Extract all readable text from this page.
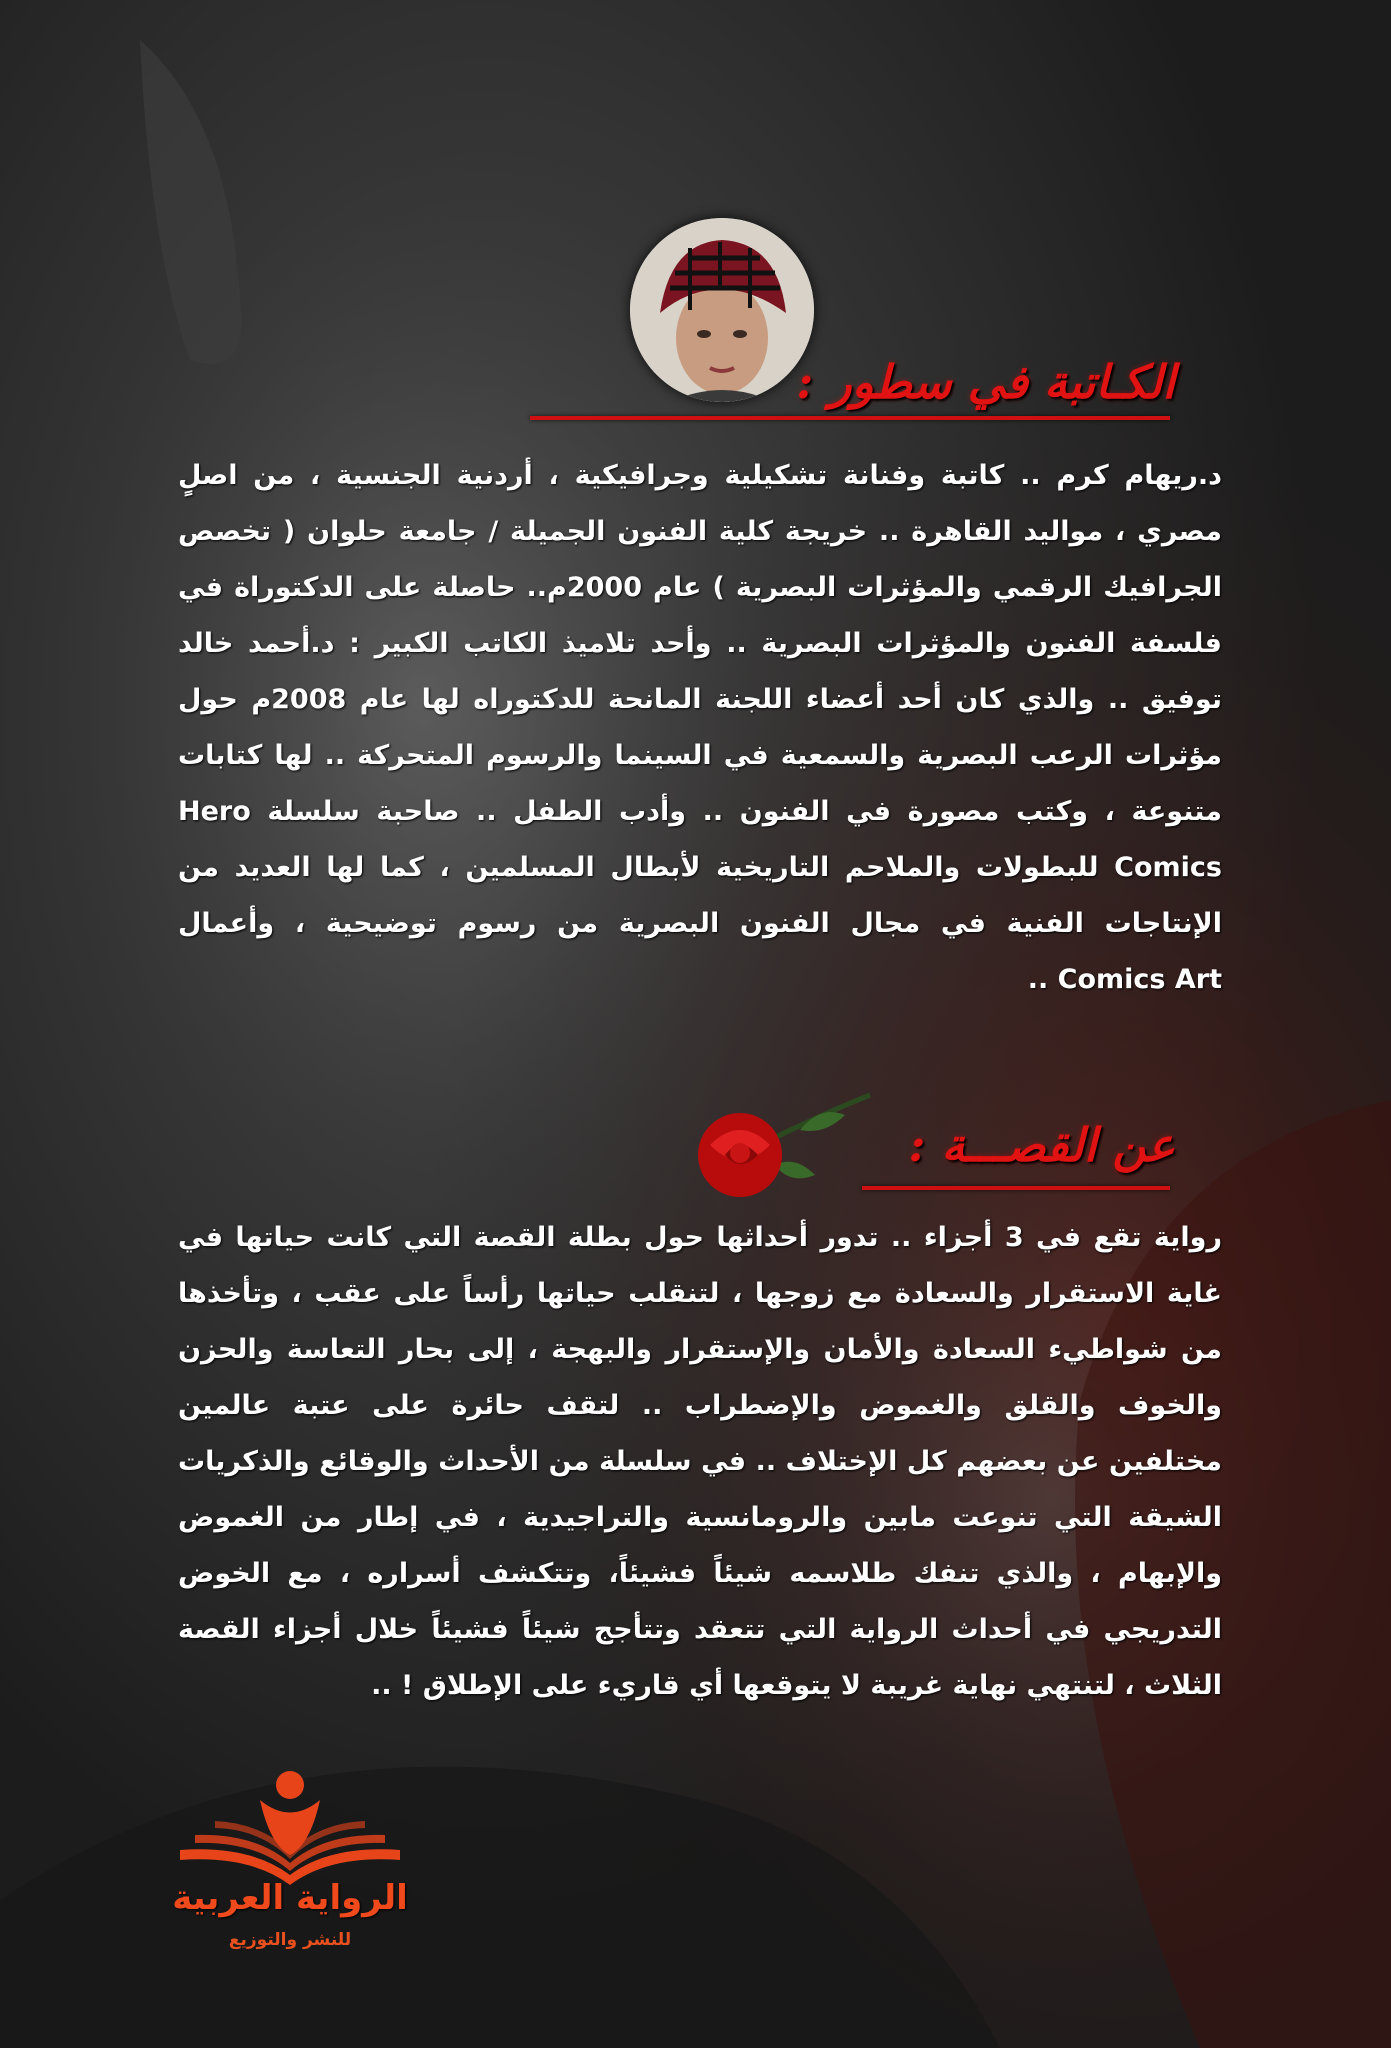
الكـاتبة في سطور :
د.ريهام كرم .. كاتبة وفنانة تشكيلية وجرافيكية ، أردنية الجنسية ، من اصلٍ مصري ، مواليد القاهرة .. خريجة كلية الفنون الجميلة / جامعة حلوان ( تخصص الجرافيك الرقمي والمؤثرات البصرية ) عام 2000م.. حاصلة على الدكتوراة في فلسفة الفنون والمؤثرات البصرية .. وأحد تلاميذ الكاتب الكبير : د.أحمد خالد توفيق .. والذي كان أحد أعضاء اللجنة المانحة للدكتوراه لها عام 2008م حول مؤثرات الرعب البصرية والسمعية في السينما والرسوم المتحركة .. لها كتابات متنوعة ، وكتب مصورة في الفنون .. وأدب الطفل .. صاحبة سلسلة Hero Comics للبطولات والملاحم التاريخية لأبطال المسلمين ، كما لها العديد من الإنتاجات الفنية في مجال الفنون البصرية من رسوم توضيحية ، وأعمال Comics Art ..
عن القصـــة :
رواية تقع في 3 أجزاء .. تدور أحداثها حول بطلة القصة التي كانت حياتها في غاية الاستقرار والسعادة مع زوجها ، لتنقلب حياتها رأساً على عقب ، وتأخذها من شواطيء السعادة والأمان والإستقرار والبهجة ، إلى بحار التعاسة والحزن والخوف والقلق والغموض والإضطراب .. لتقف حائرة على عتبة عالمين مختلفين عن بعضهم كل الإختلاف .. في سلسلة من الأحداث والوقائع والذكريات الشيقة التي تنوعت مابين والرومانسية والتراجيدية ، في إطار من الغموض والإبهام ، والذي تنفك طلاسمه شيئاً فشيئاً، وتتكشف أسراره ، مع الخوض التدريجي في أحداث الرواية التي تتعقد وتتأجج شيئاً فشيئاً خلال أجزاء القصة الثلاث ، لتنتهي نهاية غريبة لا يتوقعها أي قاريء على الإطلاق ! ..
الرواية العربية
للنشر والتوزيع
